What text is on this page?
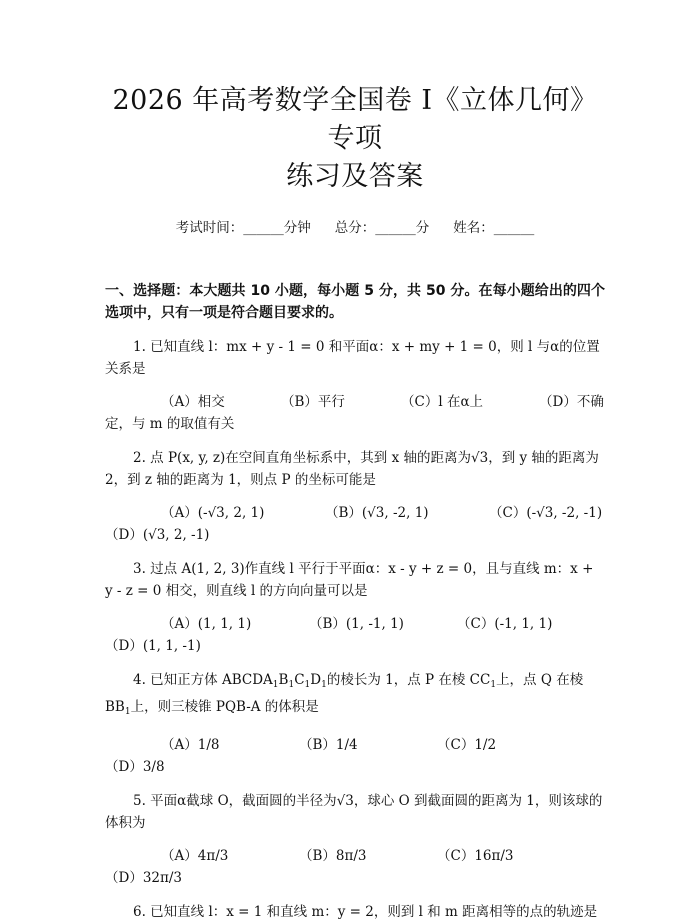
2026 年高考数学全国卷 I《立体几何》专项
练习及答案
考试时间：______分钟 总分：______分 姓名：______
一、选择题：本大题共 10 小题，每小题 5 分，共 50 分。在每小题给出的四个选项中，只有一项是符合题目要求的。

1. 已知直线 l：mx + y - 1 = 0 和平面α：x + my + 1 = 0，则 l 与α的位置关系是

（A）相交	（B）平行	（C）l 在α上	（D）不确定，与 m 的取值有关

2. 点 P(x, y, z)在空间直角坐标系中，其到 x 轴的距离为√3，到 y 轴的距离为 2，到 z 轴的距离为 1，则点 P 的坐标可能是

（A）(-√3, 2, 1)	（B）(√3, -2, 1)	（C）(-√3, -2, -1)　　（D）(√3, 2, -1)

3. 过点 A(1, 2, 3)作直线 l 平行于平面α：x - y + z = 0，且与直线 m：x + y - z = 0 相交，则直线 l 的方向向量可以是

（A）(1, 1, 1)	（B）(1, -1, 1)	（C）(-1, 1, 1)（D）(1, 1, -1)

4. 已知正方体 $ABCDA_1B_1C_1D_1$的棱长为 1，点 P 在棱 $CC_1$上，点 Q 在棱 $BB_1$上，则三棱锥 PQB-A 的体积是

（A）1/8	（B）1/4	（C）1/2（D）3/8

5. 平面α截球 O，截面圆的半径为√3，球心 O 到截面圆的距离为 1，则该球的体积为

（A）4π/3	（B）8π/3	（C）16π/3（D）32π/3

6. 已知直线 l：x = 1 和直线 m：y = 2，则到 l 和 m 距离相等的点的轨迹是
